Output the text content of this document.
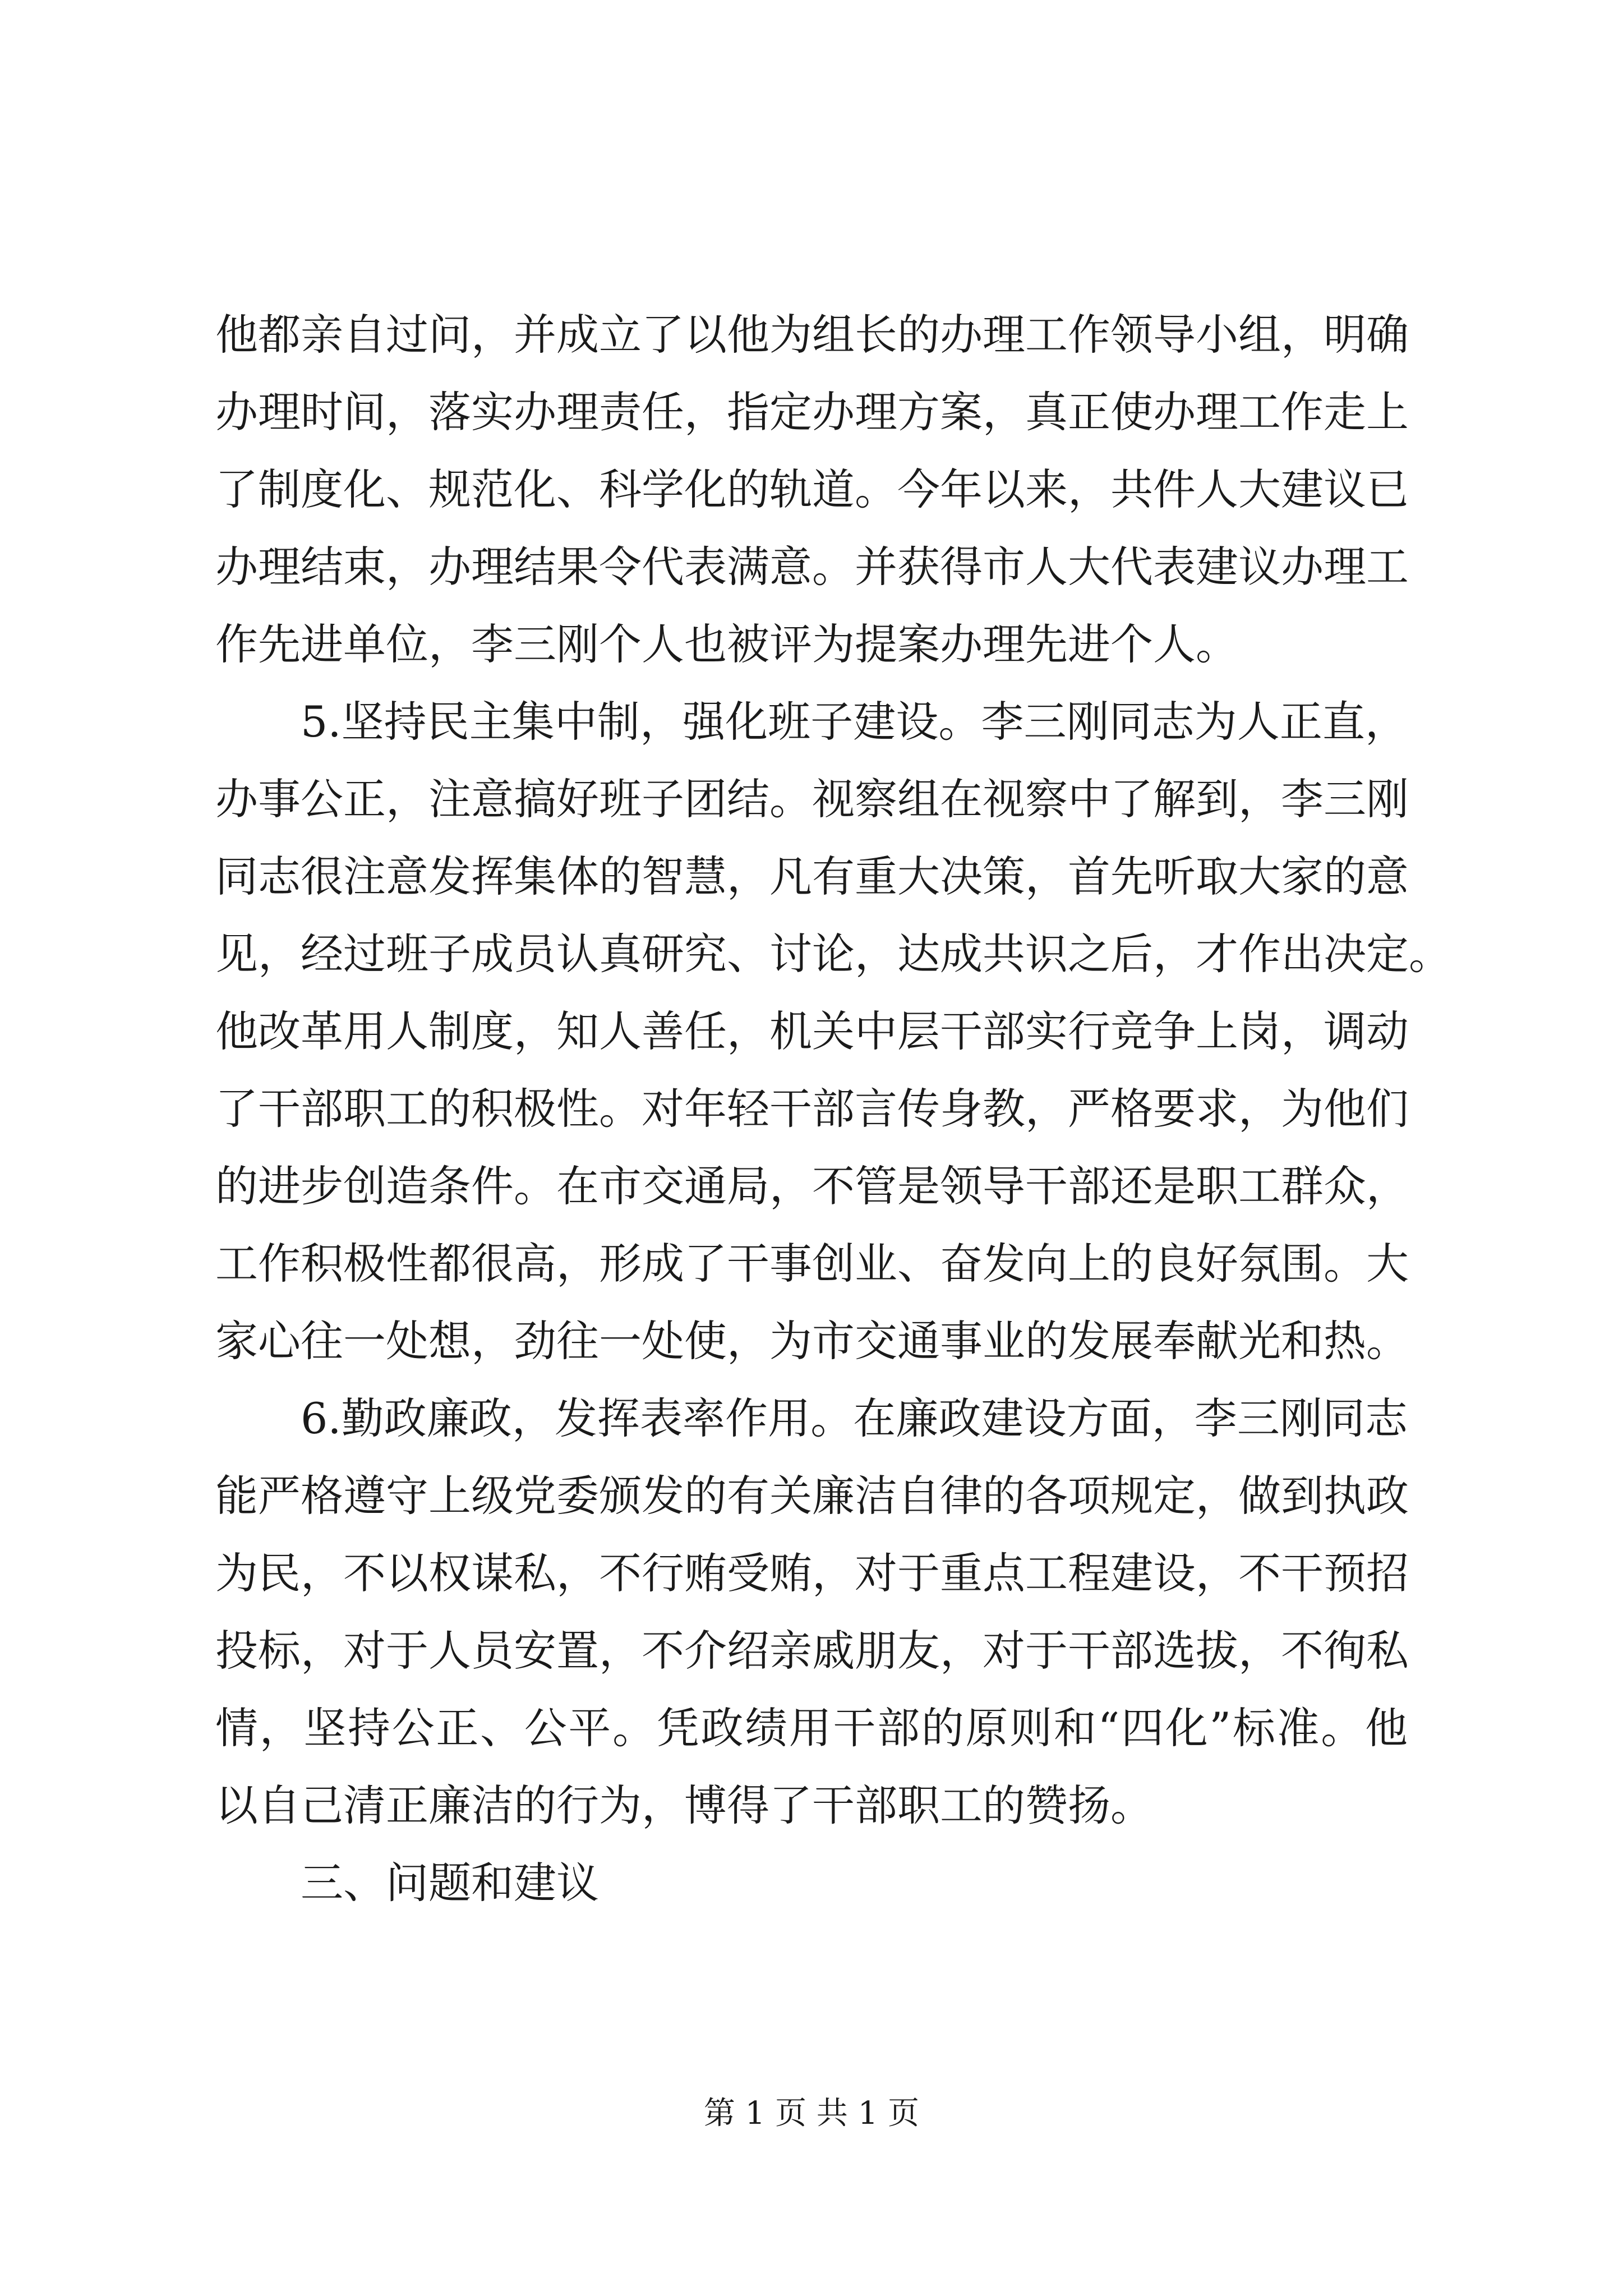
他都亲自过问，并成立了以他为组长的办理工作领导小组，明确
办理时间，落实办理责任，指定办理方案，真正使办理工作走上
了制度化、规范化、科学化的轨道。今年以来，共件人大建议已
办理结束，办理结果令代表满意。并获得市人大代表建议办理工
作先进单位，李三刚个人也被评为提案办理先进个人。
5.坚持民主集中制，强化班子建设。李三刚同志为人正直，
办事公正，注意搞好班子团结。视察组在视察中了解到，李三刚
同志很注意发挥集体的智慧，凡有重大决策，首先听取大家的意
见，经过班子成员认真研究、讨论，达成共识之后，才作出决定。
他改革用人制度，知人善任，机关中层干部实行竞争上岗，调动
了干部职工的积极性。对年轻干部言传身教，严格要求，为他们
的进步创造条件。在市交通局，不管是领导干部还是职工群众，
工作积极性都很高，形成了干事创业、奋发向上的良好氛围。大
家心往一处想，劲往一处使，为市交通事业的发展奉献光和热。
6.勤政廉政，发挥表率作用。在廉政建设方面，李三刚同志
能严格遵守上级党委颁发的有关廉洁自律的各项规定，做到执政
为民，不以权谋私，不行贿受贿，对于重点工程建设，不干预招
投标，对于人员安置，不介绍亲戚朋友，对于干部选拔，不徇私
情，坚持公正、公平。凭政绩用干部的原则和“四化”标准。他
以自己清正廉洁的行为，博得了干部职工的赞扬。
三、问题和建议
第 1 页 共 1 页
